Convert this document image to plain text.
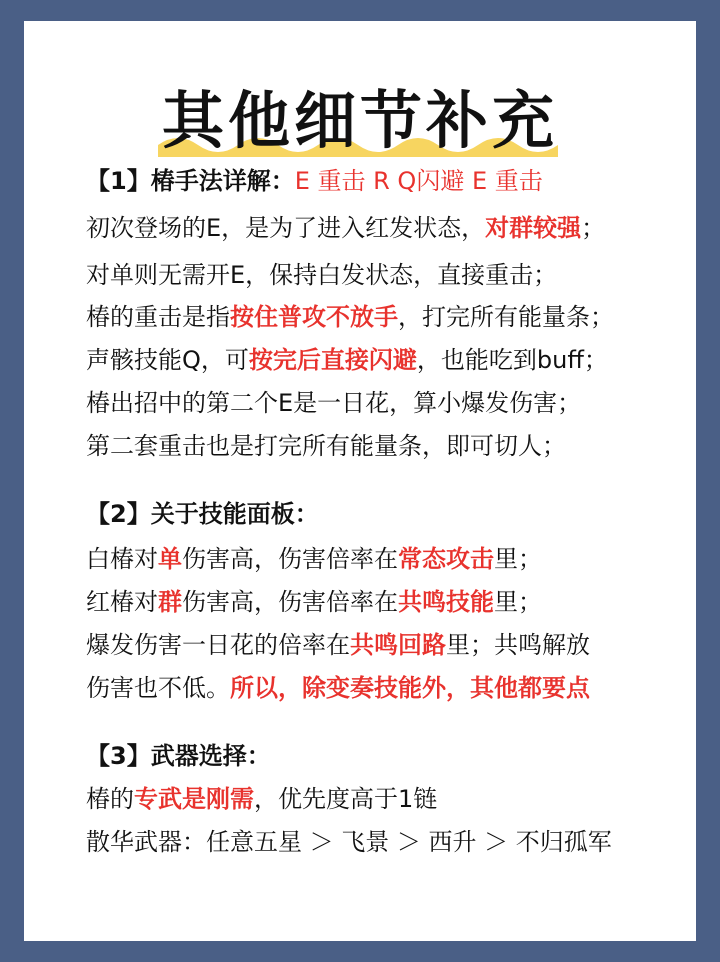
其他细节补充
【1】椿手法详解：E 重击 R Q闪避 E 重击
初次登场的E，是为了进入红发状态，对群较强；
对单则无需开E，保持白发状态，直接重击；
椿的重击是指按住普攻不放手，打完所有能量条；
声骸技能Q，可按完后直接闪避，也能吃到buff；
椿出招中的第二个E是一日花，算小爆发伤害；
第二套重击也是打完所有能量条，即可切人；
【2】关于技能面板：
白椿对单伤害高，伤害倍率在常态攻击里；
红椿对群伤害高，伤害倍率在共鸣技能里；
爆发伤害一日花的倍率在共鸣回路里；共鸣解放
伤害也不低。所以，除变奏技能外，其他都要点
【3】武器选择：
椿的专武是刚需，优先度高于1链
散华武器：任意五星 ＞ 飞景 ＞ 西升 ＞ 不归孤军
